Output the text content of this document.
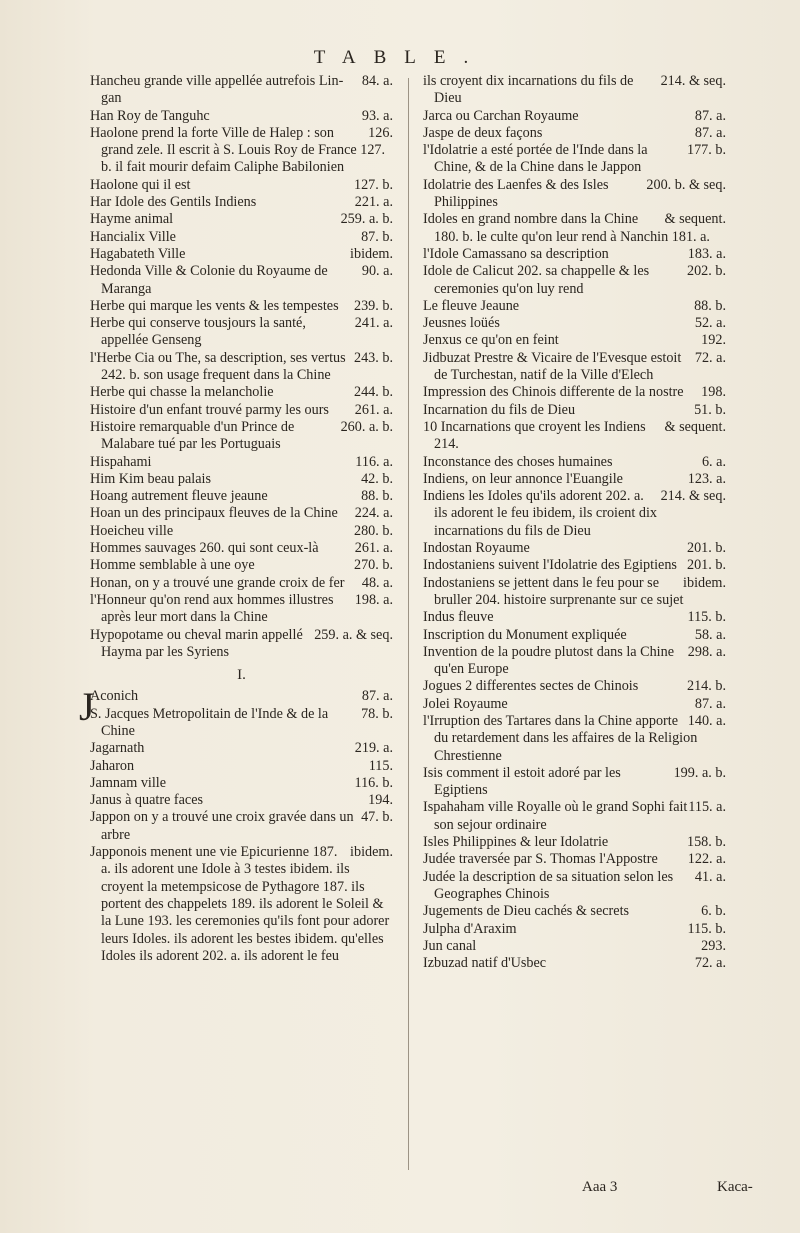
TABLE.

84. a.
Hancheu grande ville appellée autrefois Lin-gan

93. a.
Han Roy de Tanguhc

126.
Haolone prend la forte Ville de Halep : son grand zele. Il escrit à S. Louis Roy de France 127. b. il fait mourir defaim Caliphe Babilonien

127. b.
Haolone qui il est

221. a.
Har Idole des Gentils Indiens

259. a. b.
Hayme animal

87. b.
Hancialix Ville

ibidem.
Hagabateth Ville

90. a.
Hedonda Ville & Colonie du Royaume de Maranga

239. b.
Herbe qui marque les vents & les tempestes

241. a.
Herbe qui conserve tousjours la santé, appellée Genseng

243. b.
l'Herbe Cia ou The, sa description, ses vertus 242. b. son usage frequent dans la Chine

244. b.
Herbe qui chasse la melancholie

261. a.
Histoire d'un enfant trouvé parmy les ours

260. a. b.
Histoire remarquable d'un Prince de Malabare tué par les Portuguais

116. a.
Hispahami

42. b.
Him Kim beau palais

88. b.
Hoang autrement fleuve jeaune

224. a.
Hoan un des principaux fleuves de la Chine

280. b.
Hoeicheu ville

261. a.
Hommes sauvages 260. qui sont ceux-là

270. b.
Homme semblable à une oye

48. a.
Honan, on y a trouvé une grande croix de fer

198. a.
l'Honneur qu'on rend aux hommes illustres après leur mort dans la Chine

259. a. & seq.
Hypopotame ou cheval marin appellé Hayma par les Syriens

I.

J	87. a.
Aconich

78. b.
S. Jacques Metropolitain de l'Inde & de la Chine

219. a.
Jagarnath

115.
Jaharon

116. b.
Jamnam ville

194.
Janus à quatre faces

47. b.
Jappon on y a trouvé une croix gravée dans un arbre

ibidem.
Japponois menent une vie Epicurienne 187. a. ils adorent une Idole à 3 testes ibidem. ils croyent la metempsicose de Pythagore 187. ils portent des chappelets 189. ils adorent le Soleil & la Lune 193. les ceremonies qu'ils font pour adorer leurs Idoles. ils adorent les bestes ibidem. qu'elles Idoles ils adorent 202. a. ils adorent le feu

214. & seq.
ils croyent dix incarnations du fils de Dieu

87. a.
Jarca ou Carchan Royaume

87. a.
Jaspe de deux façons

177. b.
l'Idolatrie a esté portée de l'Inde dans la Chine, & de la Chine dans le Jappon

200. b. & seq.
Idolatrie des Laenfes & des Isles Philippines

& sequent.
Idoles en grand nombre dans la Chine 180. b. le culte qu'on leur rend à Nanchin 181. a.

183. a.
l'Idole Camassano sa description

202. b.
Idole de Calicut 202. sa chappelle & les ceremonies qu'on luy rend

88. b.
Le fleuve Jeaune

52. a.
Jeusnes loüés

192.
Jenxus ce qu'on en feint

72. a.
Jidbuzat Prestre & Vicaire de l'Evesque estoit de Turchestan, natif de la Ville d'Elech

198.
Impression des Chinois differente de la nostre

51. b.
Incarnation du fils de Dieu

& sequent.
10 Incarnations que croyent les Indiens 214.

6. a.
Inconstance des choses humaines

123. a.
Indiens, on leur annonce l'Euangile

214. & seq.
Indiens les Idoles qu'ils adorent 202. a. ils adorent le feu ibidem, ils croient dix incarnations du fils de Dieu

201. b.
Indostan Royaume

201. b.
Indostaniens suivent l'Idolatrie des Egiptiens

ibidem.
Indostaniens se jettent dans le feu pour se bruller 204. histoire surprenante sur ce sujet

115. b.
Indus fleuve

58. a.
Inscription du Monument expliquée

298. a.
Invention de la poudre plutost dans la Chine qu'en Europe

214. b.
Jogues 2 differentes sectes de Chinois

87. a.
Jolei Royaume

140. a.
l'Irruption des Tartares dans la Chine apporte du retardement dans les affaires de la Religion Chrestienne

199. a. b.
Isis comment il estoit adoré par les Egiptiens

115. a.
Ispahaham ville Royalle où le grand Sophi fait son sejour ordinaire

158. b.
Isles Philippines & leur Idolatrie

122. a.
Judée traversée par S. Thomas l'Appostre

41. a.
Judée la description de sa situation selon les Geographes Chinois

6. b.
Jugements de Dieu cachés & secrets

115. b.
Julpha d'Araxim

293.
Jun canal

72. a.
Izbuzad natif d'Usbec

Aaa 3	Kaca-
